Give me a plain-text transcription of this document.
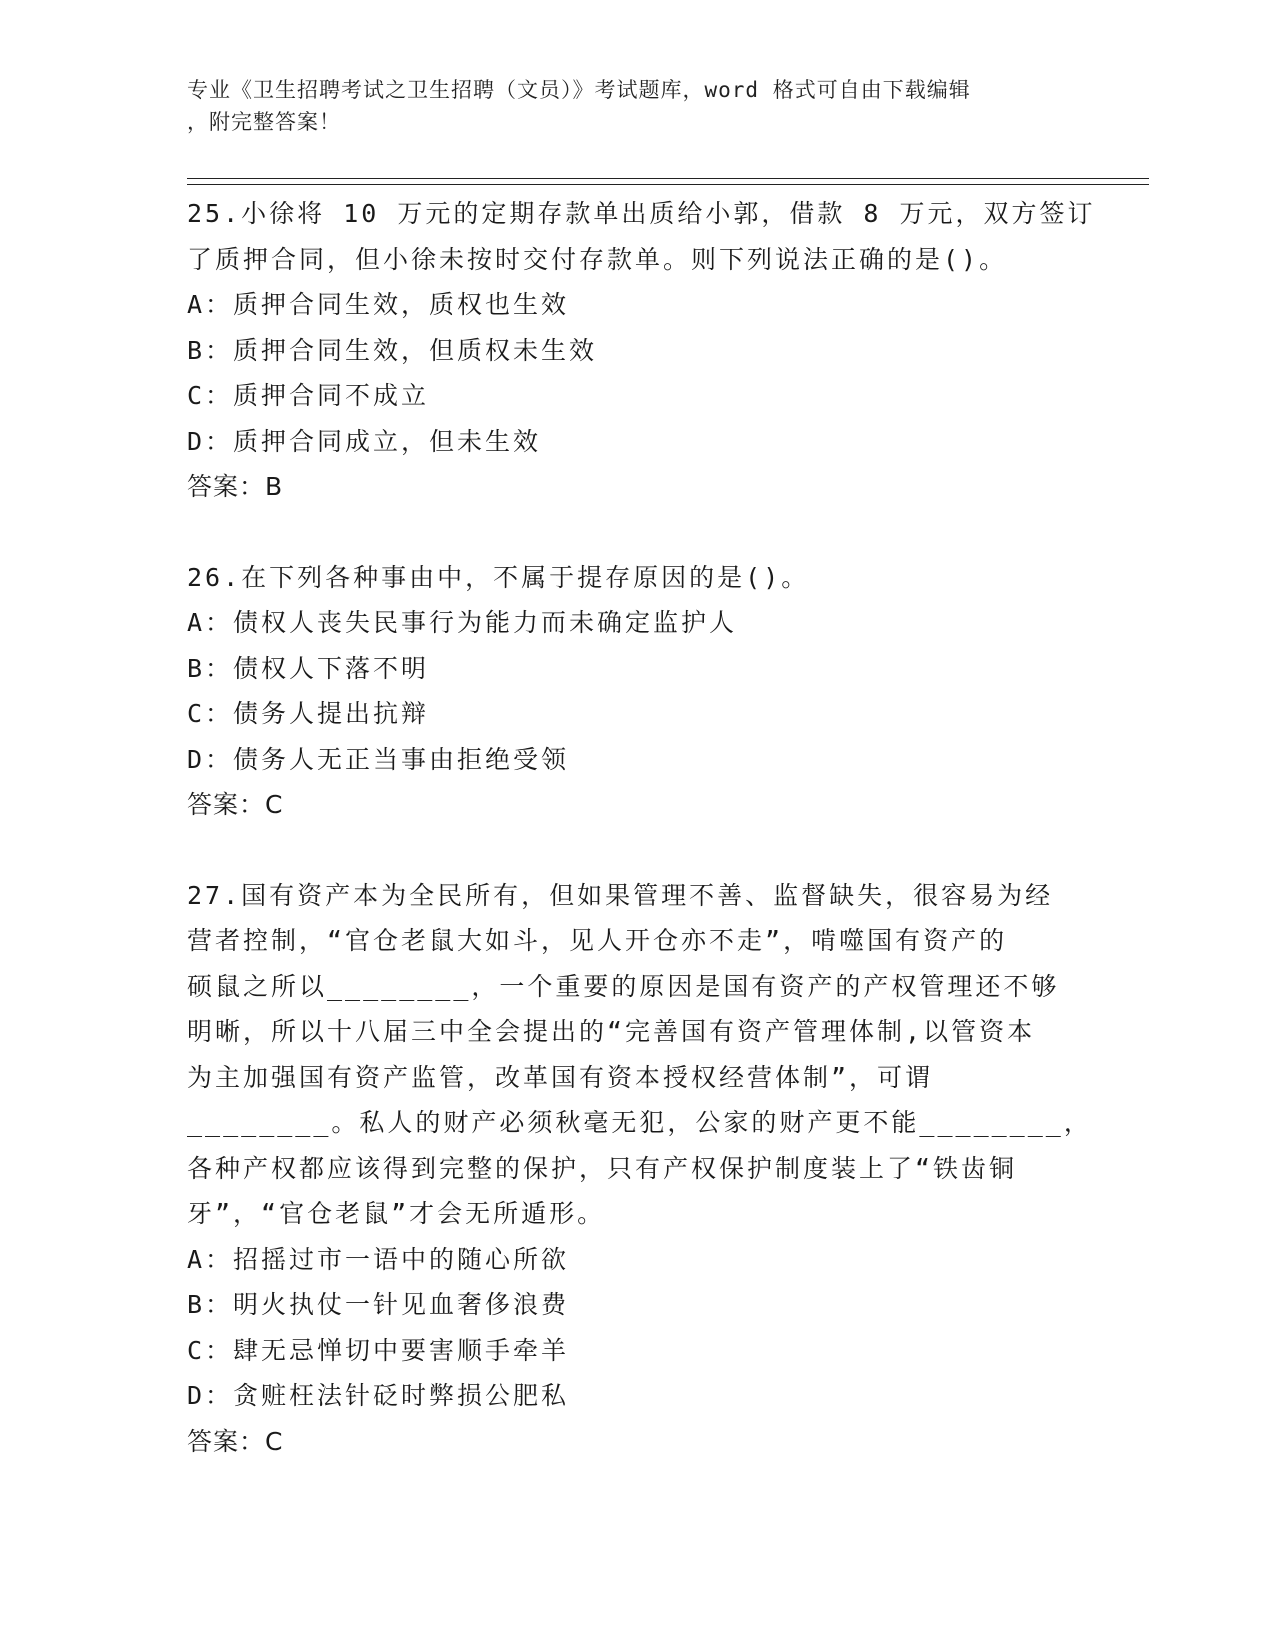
专业《卫生招聘考试之卫生招聘（文员）》考试题库，word 格式可自由下载编辑
，附完整答案！
25.小徐将 10 万元的定期存款单出质给小郭，借款 8 万元，双方签订
了质押合同，但小徐未按时交付存款单。则下列说法正确的是()。
A：质押合同生效，质权也生效
B：质押合同生效，但质权未生效
C：质押合同不成立
D：质押合同成立，但未生效
答案：B
26.在下列各种事由中，不属于提存原因的是()。
A：债权人丧失民事行为能力而未确定监护人
B：债权人下落不明
C：债务人提出抗辩
D：债务人无正当事由拒绝受领
答案：C
27.国有资产本为全民所有，但如果管理不善、监督缺失，很容易为经
营者控制，“官仓老鼠大如斗，见人开仓亦不走”，啃噬国有资产的
硕鼠之所以________，一个重要的原因是国有资产的产权管理还不够
明晰，所以十八届三中全会提出的“完善国有资产管理体制,以管资本
为主加强国有资产监管，改革国有资本授权经营体制”，可谓
________。私人的财产必须秋毫无犯，公家的财产更不能________，
各种产权都应该得到完整的保护，只有产权保护制度装上了“铁齿铜
牙”，“官仓老鼠”才会无所遁形。
A：招摇过市一语中的随心所欲
B：明火执仗一针见血奢侈浪费
C：肆无忌惮切中要害顺手牵羊
D：贪赃枉法针砭时弊损公肥私
答案：C
